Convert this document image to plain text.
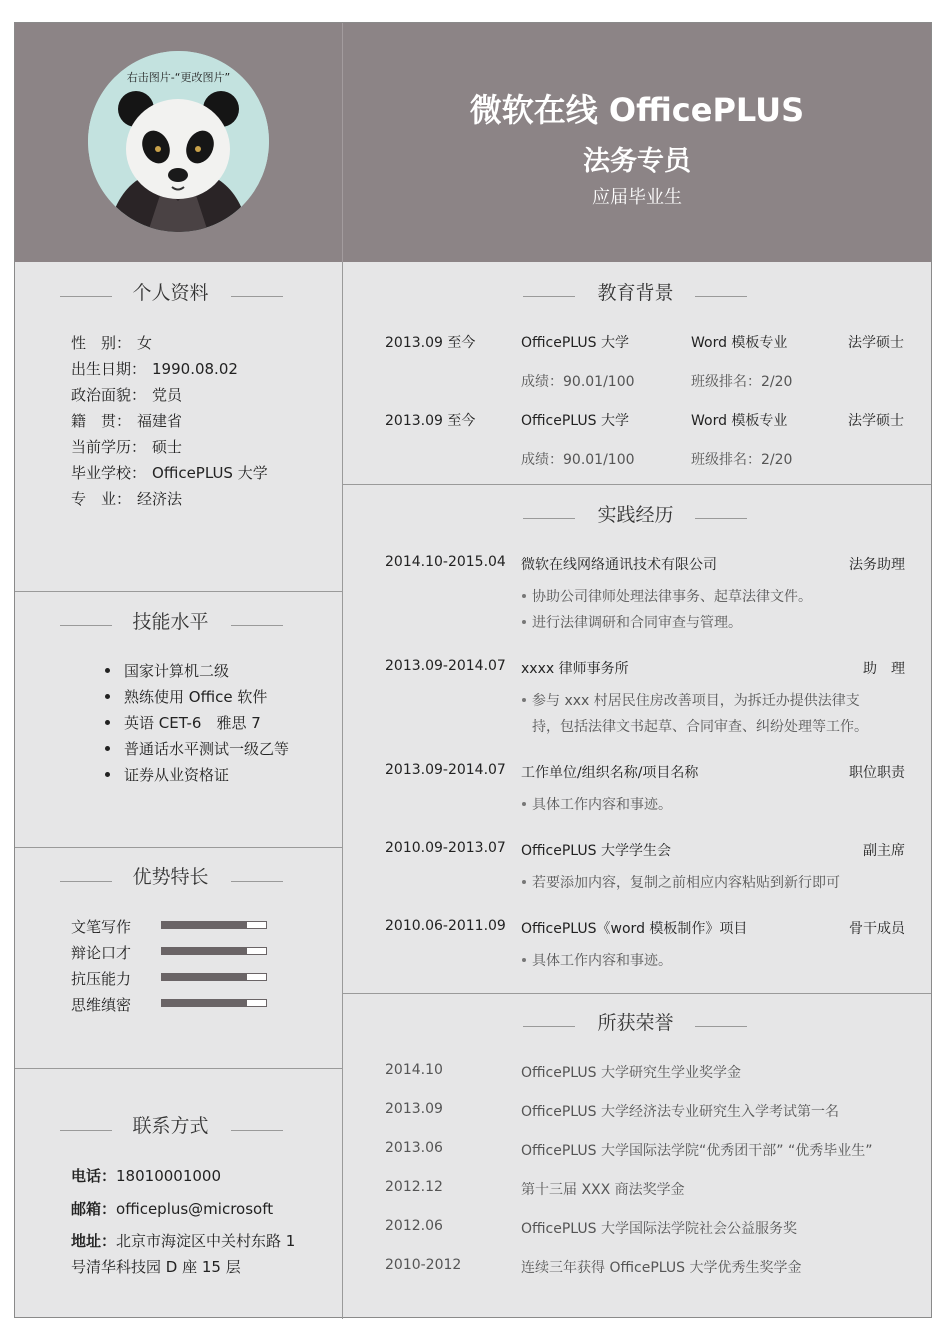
右击图片-“更改图片”
微软在线 OfficePLUS
法务专员
应届毕业生
个人资料
性　别： 女
出生日期： 1990.08.02
政治面貌： 党员
籍　贯： 福建省
当前学历： 硕士
毕业学校： OfficePLUS 大学
专　业： 经济法
技能水平
国家计算机二级
熟练使用 Office 软件
英语 CET-6　雅思 7
普通话水平测试一级乙等
证券从业资格证
优势特长
文笔写作
辩论口才
抗压能力
思维缜密
联系方式
电话：18010001000
邮箱：officeplus@microsoft
地址：北京市海淀区中关村东路 1
号清华科技园 D 座 15 层
教育背景
2013.09 至今	OfficePLUS 大学	Word 模板专业	法学硕士
成绩：90.01/100	班级排名：2/20
2013.09 至今	OfficePLUS 大学	Word 模板专业	法学硕士
成绩：90.01/100	班级排名：2/20
实践经历
2014.10-2015.04 微软在线网络通讯技术有限公司	法务助理
协助公司律师处理法律事务、起草法律文件。
进行法律调研和合同审查与管理。
2013.09-2014.07 xxxx 律师事务所	助　理
参与 xxx 村居民住房改善项目，为拆迁办提供法律支
持，包括法律文书起草、合同审查、纠纷处理等工作。
2013.09-2014.07 工作单位/组织名称/项目名称	职位职责
具体工作内容和事迹。
2010.09-2013.07 OfficePLUS 大学学生会	副主席
若要添加内容，复制之前相应内容粘贴到新行即可
2010.06-2011.09 OfficePLUS《word 模板制作》项目	骨干成员
具体工作内容和事迹。
所获荣誉
2014.10	OfficePLUS 大学研究生学业奖学金
2013.09	OfficePLUS 大学经济法专业研究生入学考试第一名
2013.06	OfficePLUS 大学国际法学院“优秀团干部” “优秀毕业生”
2012.12	第十三届 XXX 商法奖学金
2012.06	OfficePLUS 大学国际法学院社会公益服务奖
2010-2012	连续三年获得 OfficePLUS 大学优秀生奖学金
